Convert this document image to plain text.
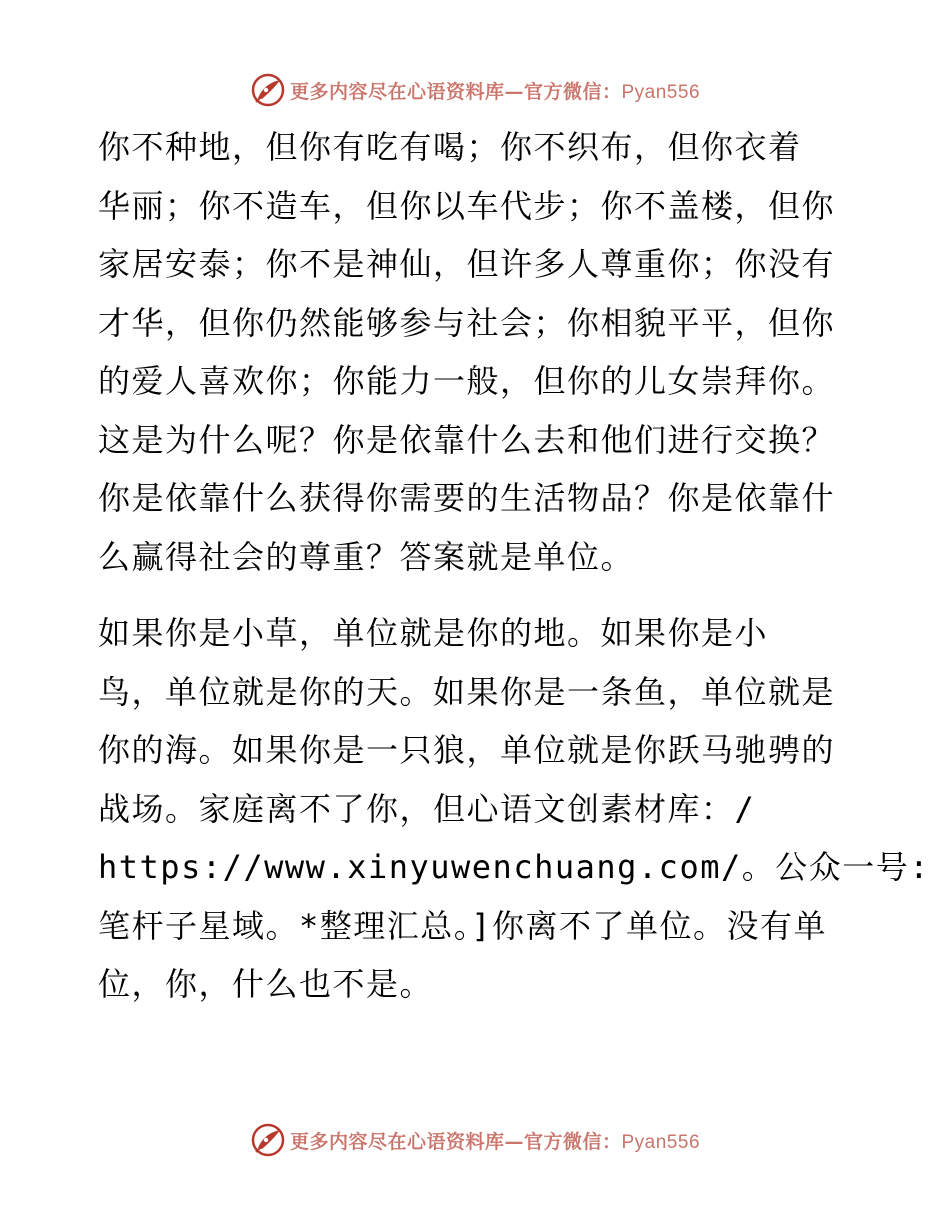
更多内容尽在心语资料库—官方微信：Pyan556

你不种地，但你有吃有喝；你不织布，但你衣着

华丽；你不造车，但你以车代步；你不盖楼，但你

家居安泰；你不是神仙，但许多人尊重你；你没有

才华，但你仍然能够参与社会；你相貌平平，但你

的爱人喜欢你；你能力一般，但你的儿女崇拜你。

这是为什么呢？你是依靠什么去和他们进行交换？

你是依靠什么获得你需要的生活物品？你是依靠什

么赢得社会的尊重？答案就是单位。

如果你是小草，单位就是你的地。如果你是小

鸟，单位就是你的天。如果你是一条鱼，单位就是

你的海。如果你是一只狼，单位就是你跃马驰骋的

战场。家庭离不了你，但心语文创素材库：/

https://www.xinyuwenchuang.com/。公众一号:

笔杆子星域。*整理汇总。]你离不了单位。没有单

位，你，什么也不是。

更多内容尽在心语资料库—官方微信：Pyan556
